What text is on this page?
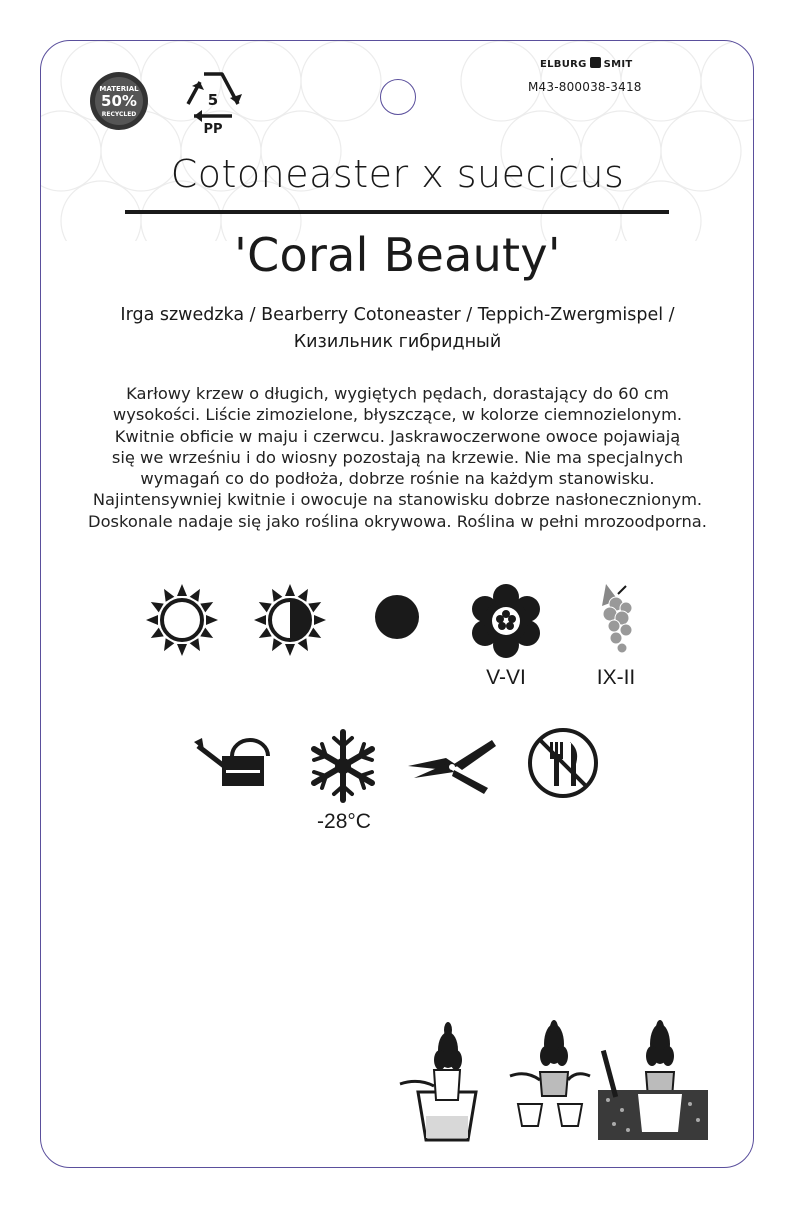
MATERIAL
50%
RECYCLED
5
PP
ELBURG SMIT
M43-800038-3418
Cotoneaster x suecicus
'Coral Beauty'
Irga szwedzka / Bearberry Cotoneaster / Teppich-Zwergmispel /
Кизильник гибридный
Karłowy krzew o długich, wygiętych pędach, dorastający do 60 cm
wysokości. Liście zimozielone, błyszczące, w kolorze ciemnozielonym.
Kwitnie obficie w maju i czerwcu. Jaskrawoczerwone owoce pojawiają
się we wrześniu i do wiosny pozostają na krzewie. Nie ma specjalnych
wymagań co do podłoża, dobrze rośnie na każdym stanowisku.
Najintensywniej kwitnie i owocuje na stanowisku dobrze nasłonecznionym.
Doskonale nadaje się jako roślina okrywowa. Roślina w pełni mrozoodporna.
V-VI	IX-II
-28°C
